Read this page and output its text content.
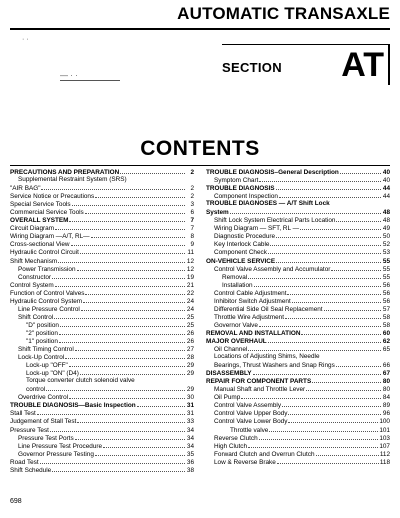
AUTOMATIC TRANSAXLE
· ·
— · ·
SECTION AT
CONTENTS
PRECAUTIONS AND PREPARATION	2
Supplemental Restraint System (SRS)
"AIR BAG"	2
Service Notice or Precautions	2
Special Service Tools	3
Commercial Service Tools	6
OVERALL SYSTEM	7
Circuit Diagram	7
Wiring Diagram —A/T, RL—	8
Cross-sectional View	9
Hydraulic Control Circuit	11
Shift Mechanism	12
Power Transmission	12
Constructor	19
Control System	21
Function of Control Valves	22
Hydraulic Control System	24
Line Pressure Control	24
Shift Control	25
"D" position	25
"2" position	26
"1" position	26
Shift Timing Control	27
Lock-Up Control	28
Lock-up "OFF"	29
Lock-up "ON" (D4)	29
Torque converter clutch solenoid valve
control	29
Overdrive Control	30
TROUBLE DIAGNOSIS—Basic Inspection	31
Stall Test	31
Judgement of Stall Test	33
Pressure Test	34
Pressure Test Ports	34
Line Pressure Test Procedure	34
Governor Pressure Testing	35
Road Test	36
Shift Schedule	38
TROUBLE DIAGNOSIS–General Description	40
Symptom Chart	40
TROUBLE DIAGNOSIS	44
Component Inspection	44
TROUBLE DIAGNOSES — A/T Shift Lock
System	48
Shift Lock System Electrical Parts Location	48
Wiring Diagram — SFT, RL —	49
Diagnostic Procedure	50
Key Interlock Cable	52
Component Check	53
ON-VEHICLE SERVICE	55
Control Valve Assembly and Accumulator	55
Removal	55
Installation	56
Control Cable Adjustment	56
Inhibitor Switch Adjustment	56
Differential Side Oil Seal Replacement	57
Throttle Wire Adjustment	58
Governor Valve	58
REMOVAL AND INSTALLATION	60
MAJOR OVERHAUL	62
Oil Channel	65
Locations of Adjusting Shims, Needle
Bearings, Thrust Washers and Snap Rings	66
DISASSEMBLY	67
REPAIR FOR COMPONENT PARTS	80
Manual Shaft and Throttle Lever	80
Oil Pump	84
Control Valve Assembly	89
Control Valve Upper Body	96
Control Valve Lower Body	100
Throttle valve	101
Reverse Clutch	103
High Clutch	107
Forward Clutch and Overrun Clutch	112
Low & Reverse Brake	118
698
